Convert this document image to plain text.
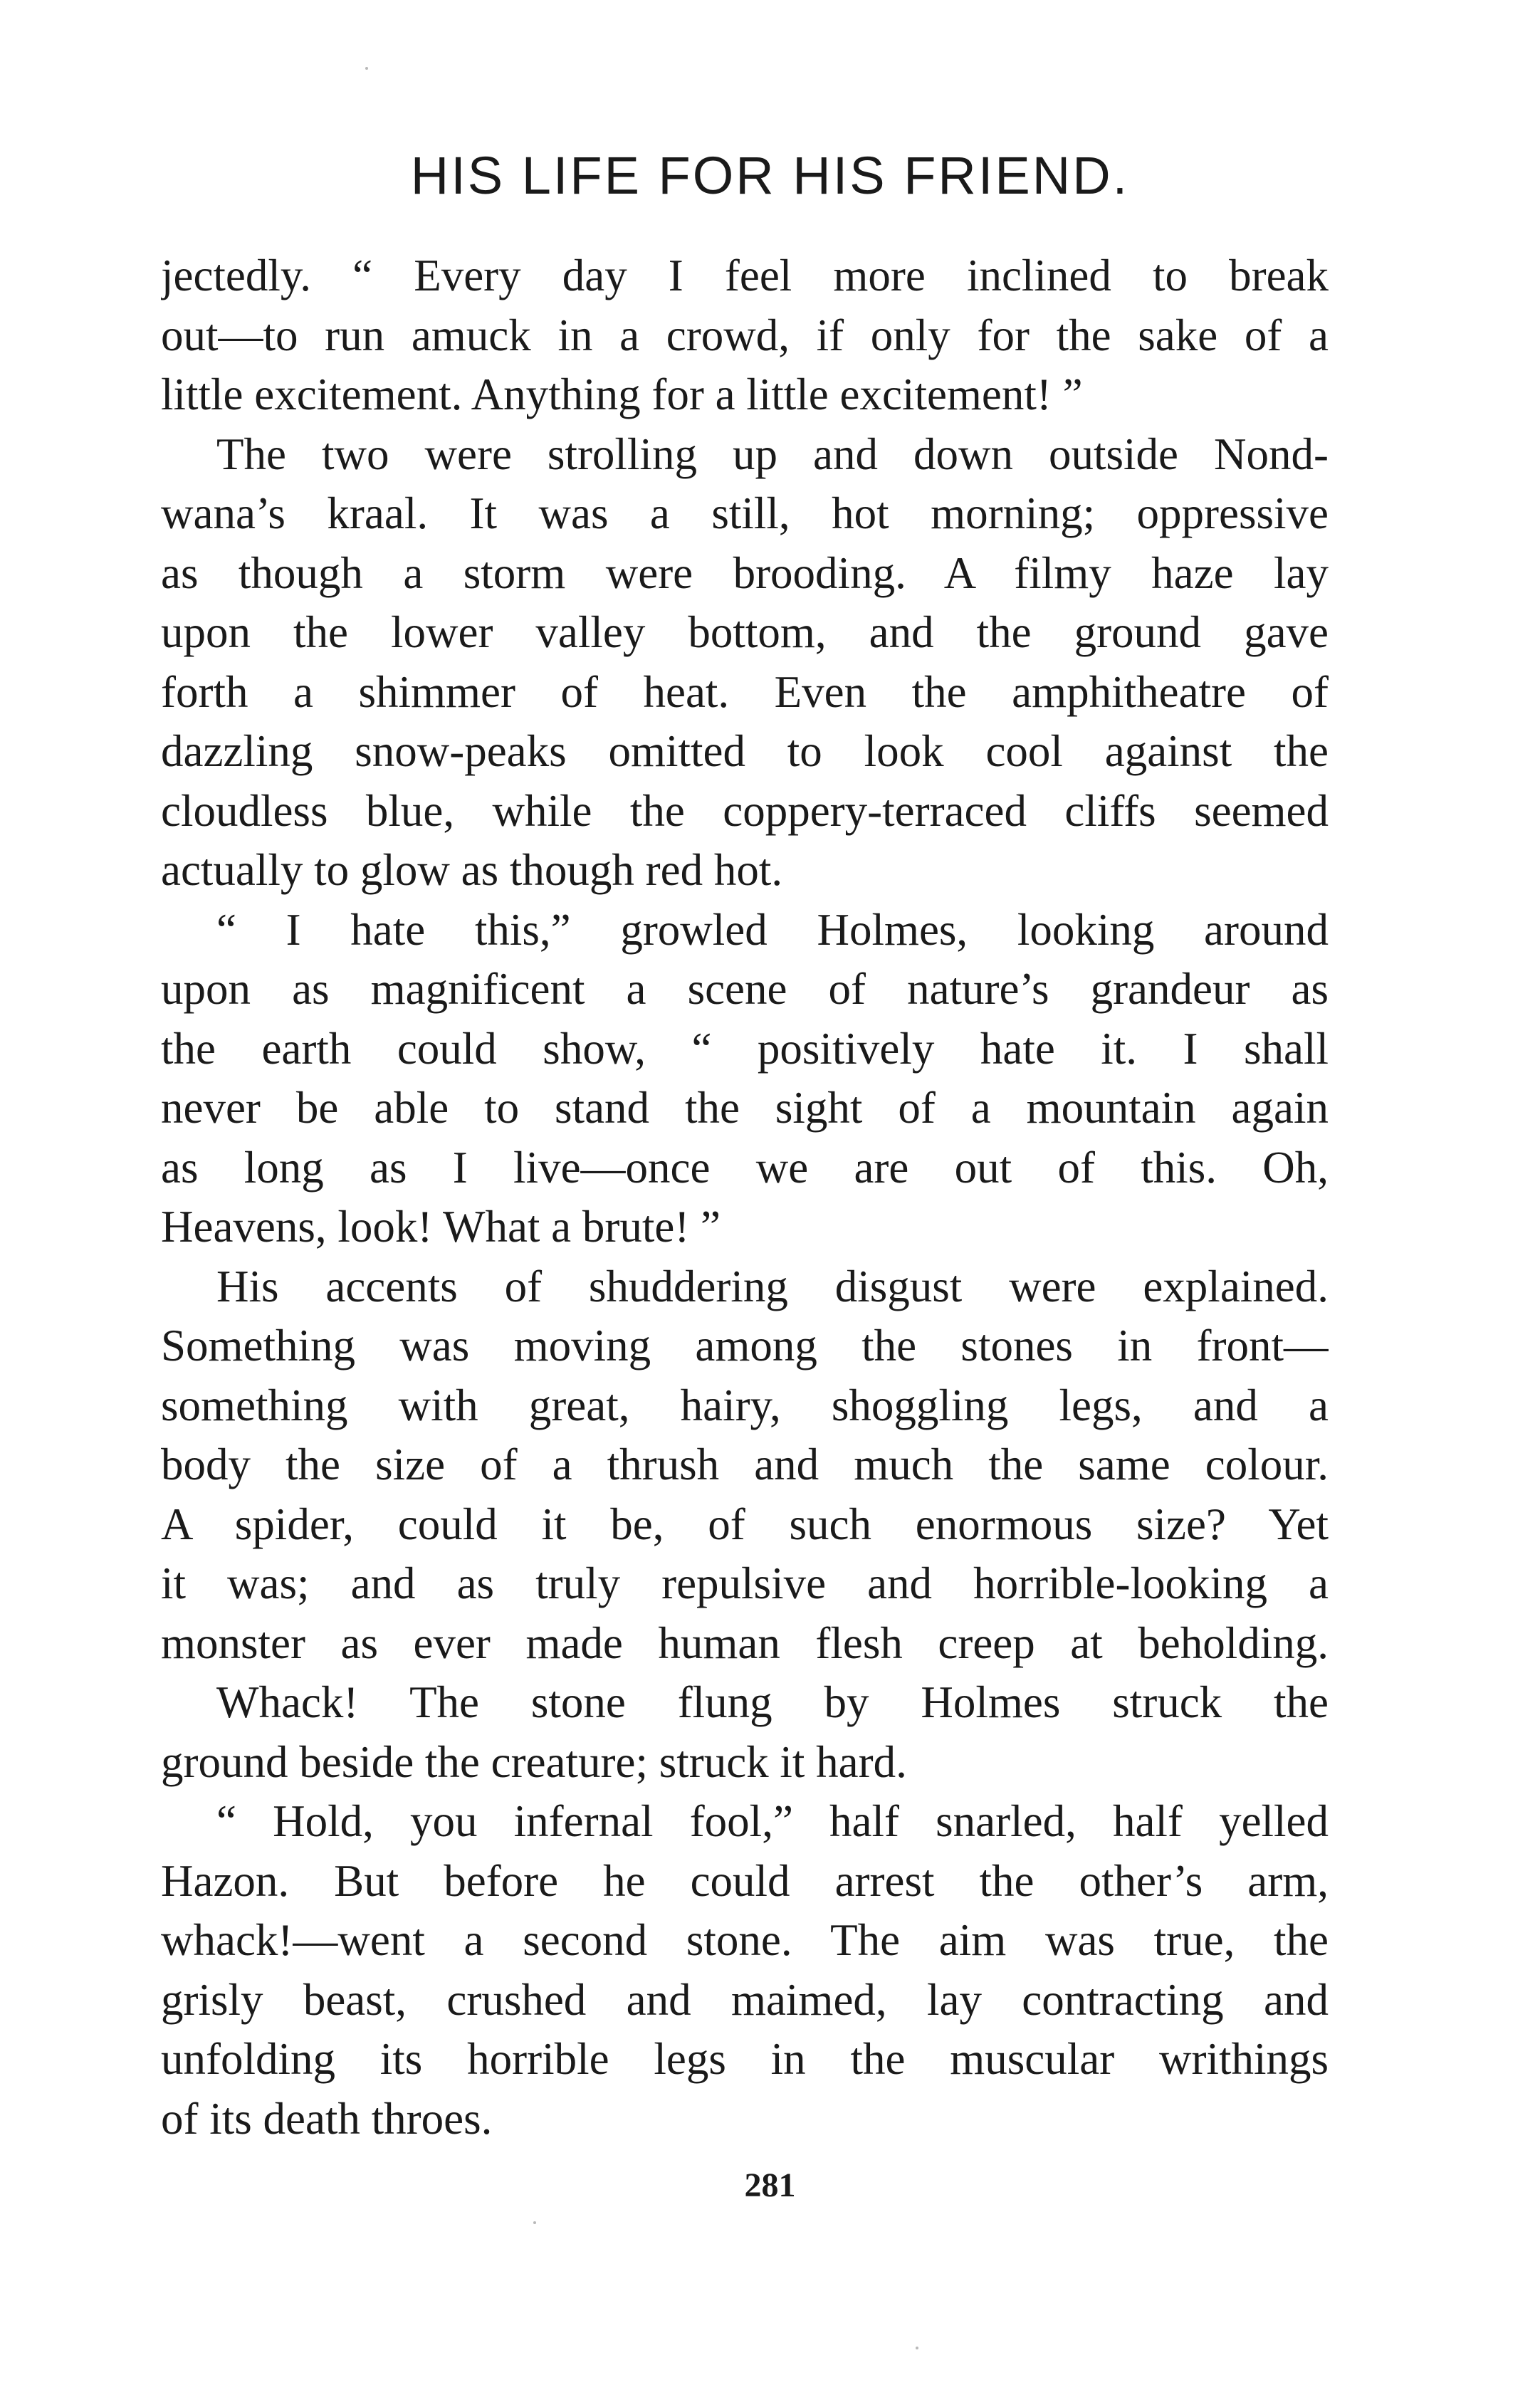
HIS LIFE FOR HIS FRIEND.
jectedly. “ Every day I feel more inclined to break
out—to run amuck in a crowd, if only for the sake of a
little excitement. Anything for a little excitement! ”
The two were strolling up and down outside Nond-
wana’s kraal. It was a still, hot morning; oppressive
as though a storm were brooding. A filmy haze lay
upon the lower valley bottom, and the ground gave
forth a shimmer of heat. Even the amphitheatre of
dazzling snow-peaks omitted to look cool against the
cloudless blue, while the coppery-terraced cliffs seemed
actually to glow as though red hot.
“ I hate this,” growled Holmes, looking around
upon as magnificent a scene of nature’s grandeur as
the earth could show, “ positively hate it. I shall
never be able to stand the sight of a mountain again
as long as I live—once we are out of this. Oh,
Heavens, look! What a brute! ”
His accents of shuddering disgust were explained.
Something was moving among the stones in front—
something with great, hairy, shoggling legs, and a
body the size of a thrush and much the same colour.
A spider, could it be, of such enormous size? Yet
it was; and as truly repulsive and horrible-looking a
monster as ever made human flesh creep at beholding.
Whack! The stone flung by Holmes struck the
ground beside the creature; struck it hard.
“ Hold, you infernal fool,” half snarled, half yelled
Hazon. But before he could arrest the other’s arm,
whack!—went a second stone. The aim was true, the
grisly beast, crushed and maimed, lay contracting and
unfolding its horrible legs in the muscular writhings
of its death throes.
281
